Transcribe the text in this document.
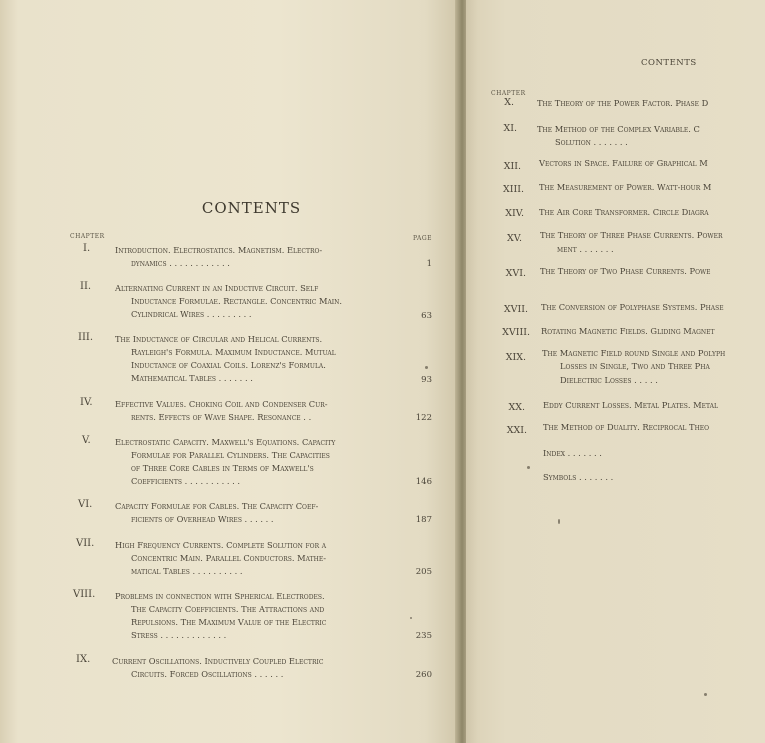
CONTENTS
CHAPTER	PAGE
I.	Introduction. Electrostatics. Magnetism. Electro-
dynamics . . . . . . . . . . . .	1
II.	Alternating Current in an Inductive Circuit. Self
Inductance Formulae. Rectangle. Concentric Main.
Cylindrical Wires . . . . . . . . .	63
III.	The Inductance of Circular and Helical Currents.
Rayleigh's Formula. Maximum Inductance. Mutual
Inductance of Coaxial Coils. Lorenz's Formula.
Mathematical Tables . . . . . . .	93
IV.	Effective Values. Choking Coil and Condenser Cur-
rents. Effects of Wave Shape. Resonance . .	122
V.	Electrostatic Capacity. Maxwell's Equations. Capacity
Formulae for Parallel Cylinders. The Capacities
of Three Core Cables in Terms of Maxwell's
Coefficients . . . . . . . . . . .	146
VI.	Capacity Formulae for Cables. The Capacity Coef-
ficients of Overhead Wires . . . . . .	187
VII. High Frequency Currents. Complete Solution for a
Concentric Main. Parallel Conductors. Mathe-
matical Tables . . . . . . . . . .	205
VIII. Problems in connection with Spherical Electrodes.
The Capacity Coefficients. The Attractions and
Repulsions. The Maximum Value of the Electric
Stress . . . . . . . . . . . . .	235
IX.	Current Oscillations. Inductively Coupled Electric
Circuits. Forced Oscillations . . . . . .	260
CONTENTS
CHAPTER
X.	The Theory of the Power Factor. Phase D
XI. The Method of the Complex Variable. C
Solution . . . . . . .
XII. Vectors in Space. Failure of Graphical M
XIII. The Measurement of Power. Watt-hour M
XIV. The Air Core Transformer. Circle Diagra
XV. The Theory of Three Phase Currents. Power
ment . . . . . . .
XVI. The Theory of Two Phase Currents. Powe
XVII. The Conversion of Polyphase Systems. Phase
XVIII. Rotating Magnetic Fields. Gliding Magnet
XIX. The Magnetic Field round Single and Polyph
Losses in Single, Two and Three Pha
Dielectric Losses . . . . .
XX. Eddy Current Losses. Metal Plates. Metal
XXI. The Method of Duality. Reciprocal Theo
Index . . . . . . .
Symbols . . . . . . .
